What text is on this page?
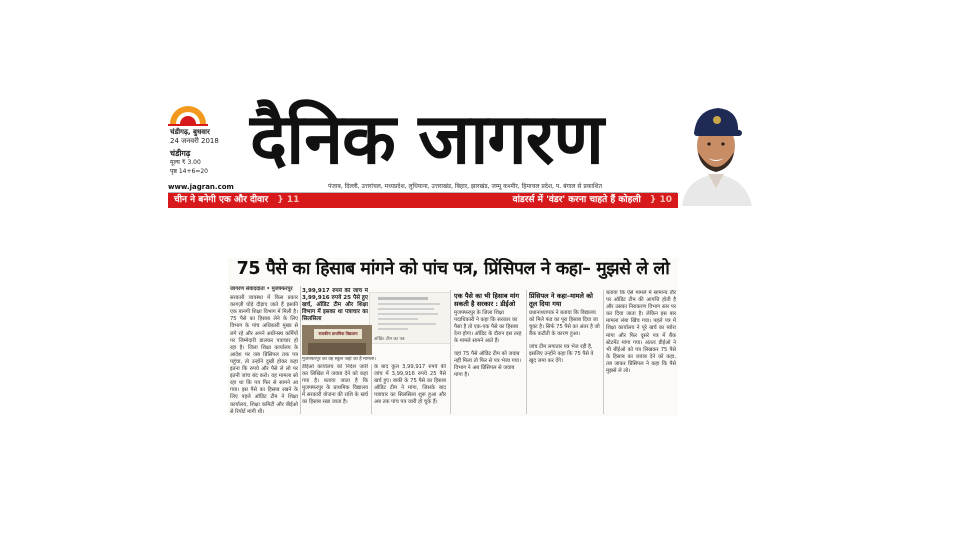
चंडीगढ़, बुधवार
24 जनवरी 2018
चंडीगढ़
मूल्य ₹ 3.00
पृष्ठ 14+6=20 दैनिक जागरण
www.jagran.com	पंजाब, दिल्ली, उत्तरांचल, मध्यप्रदेश, लुधियाना, उत्तराखंड, बिहार, झारखंड, जम्मू कश्मीर, हिमाचल प्रदेश, प. बंगाल से प्रकाशित
चीन ने बनेगी एक और दीवार } 11	वांडरर्स में 'वंडर' करना चाहते हैं कोहली } 10
75 पैसे का हिसाब मांगने को पांच पत्र, प्रिंसिपल ने कहा– मुझसे ले लो
जागरण संवाददाता • मुजफ्फरपुर
सरकारी व्यवस्था में किस प्रकार कागज़ी घोड़े दौड़ाए जाते हैं इसकी एक बानगी शिक्षा विभाग में मिली है। 75 पैसे का हिसाब लेने के लिए विभाग के पांच अधिकारी मुख्य से लगे रहे और अपने अधीनस्थ कर्मियों पर जिम्मेदारी डालकर पत्राचार हो रहा है। जिला शिक्षा कार्यालय के आदेश पर जब प्रिंसिपल तक पत्र पहुंचा, तो उन्होंने दुखी होकर कहा इतना कि रुपये और पैसे ले लो पर इतनी जांच बंद करो। यह मामला सो रहा था कि पत्र फिर से सामने आ गया। इस पैसे का हिसाब रखने के लिए पहले ऑडिट टीम ने शिक्षा कार्यालय, शिक्षा कमिटी और बीईओ से रिपोर्ट मांगी थी।
3,99,917 रुपये की जांच में 3,99,916 रुपये 25 पैसे हुए खर्च, ऑडिट टीम और शिक्षा विभाग में इसका था पत्राचार का सिलसिला
ऑडिट टीम का पत्र
राजकीय प्राथमिक विद्यालय
मुजफ्फरपुर का वह स्कूल जहां का है मामला।
डीईओ कार्यालय को निर्देश जारी कर लिखित में जवाब देने को कहा गया है। बताया जाता है कि मुजफ्फरपुर के प्राथमिक विद्यालय में सरकारी योजना की राशि के खर्च का हिसाब रखा जाता है।
के बाद कुल 3,99,917 रुपये की जांच में 3,99,916 रुपये 25 पैसे खर्च हुए। बाकी के 75 पैसे का हिसाब ऑडिट टीम ने मांगा, जिसके बाद पत्राचार का सिलसिला शुरू हुआ और अब तक पांच पत्र जारी हो चुके हैं।
एक पैसे का भी हिसाब मांग सकती है सरकार : डीईओ
मुजफ्फरपुर के जिला शिक्षा पदाधिकारी ने कहा कि सरकार का पैसा है तो एक-एक पैसे का हिसाब देना होगा। ऑडिट के दौरान इस तरह के मामले सामने आते हैं।
यहां 75 पैसे ऑडिट टीम को जवाब नहीं मिला तो फिर से पत्र भेजा गया। विभाग ने अब प्रिंसिपल से जवाब मांगा है।
प्रिंसिपल ने कहा–मामले को तूल दिया गया
प्रधानाध्यापक ने बताया कि विद्यालय को मिले फंड का पूरा हिसाब दिया जा चुका है। सिर्फ 75 पैसे का अंतर है जो बैंक कटौती के कारण हुआ।
जांच टीम लगातार पत्र भेज रही है, इसलिए उन्होंने कहा कि 75 पैसे वे खुद जमा कर देंगे।
बताया कि ऐसे मामले में सामान्य तौर पर ऑडिट टीम की आपत्ति होती है और उसका निराकरण विभाग स्तर पर कर दिया जाता है। लेकिन इस बार मामला लंबा खिंच गया। पहले पत्र में शिक्षा कार्यालय ने पूरे खर्च का ब्योरा मांगा और फिर दूसरे पत्र में बैंक स्टेटमेंट मांगा गया। अंततः डीईओ ने भी बीईओ को पत्र लिखकर 75 पैसे के हिसाब का जवाब देने को कहा, तब जाकर प्रिंसिपल ने कहा कि पैसे मुझसे ले लो।
